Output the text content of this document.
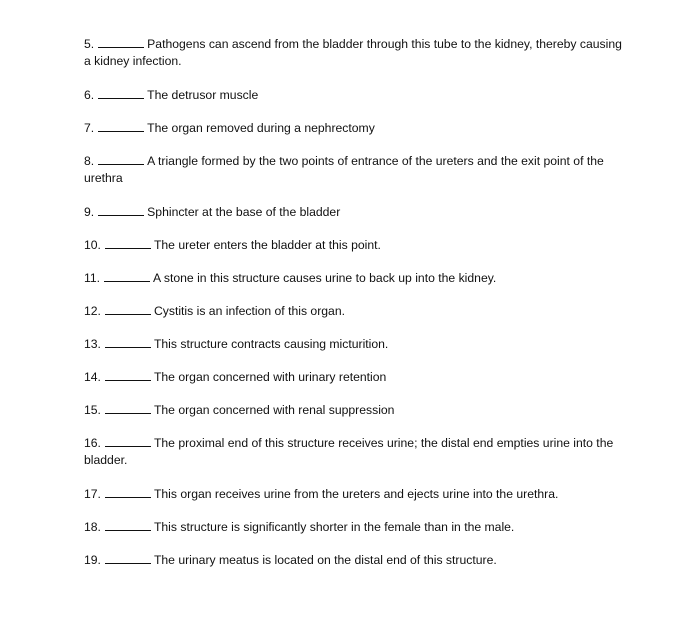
5.	Pathogens can ascend from the bladder through this tube to the kidney, thereby causing a kidney infection.

6.	The detrusor muscle

7.	The organ removed during a nephrectomy

8.	A triangle formed by the two points of entrance of the ureters and the exit point of the urethra

9.	Sphincter at the base of the bladder

10.	The ureter enters the bladder at this point.

11.	A stone in this structure causes urine to back up into the kidney.

12.	Cystitis is an infection of this organ.

13.	This structure contracts causing micturition.

14.	The organ concerned with urinary retention

15.	The organ concerned with renal suppression

16.	The proximal end of this structure receives urine; the distal end empties urine into the bladder.

17.	This organ receives urine from the ureters and ejects urine into the urethra.

18.	This structure is significantly shorter in the female than in the male.

19.	The urinary meatus is located on the distal end of this structure.
